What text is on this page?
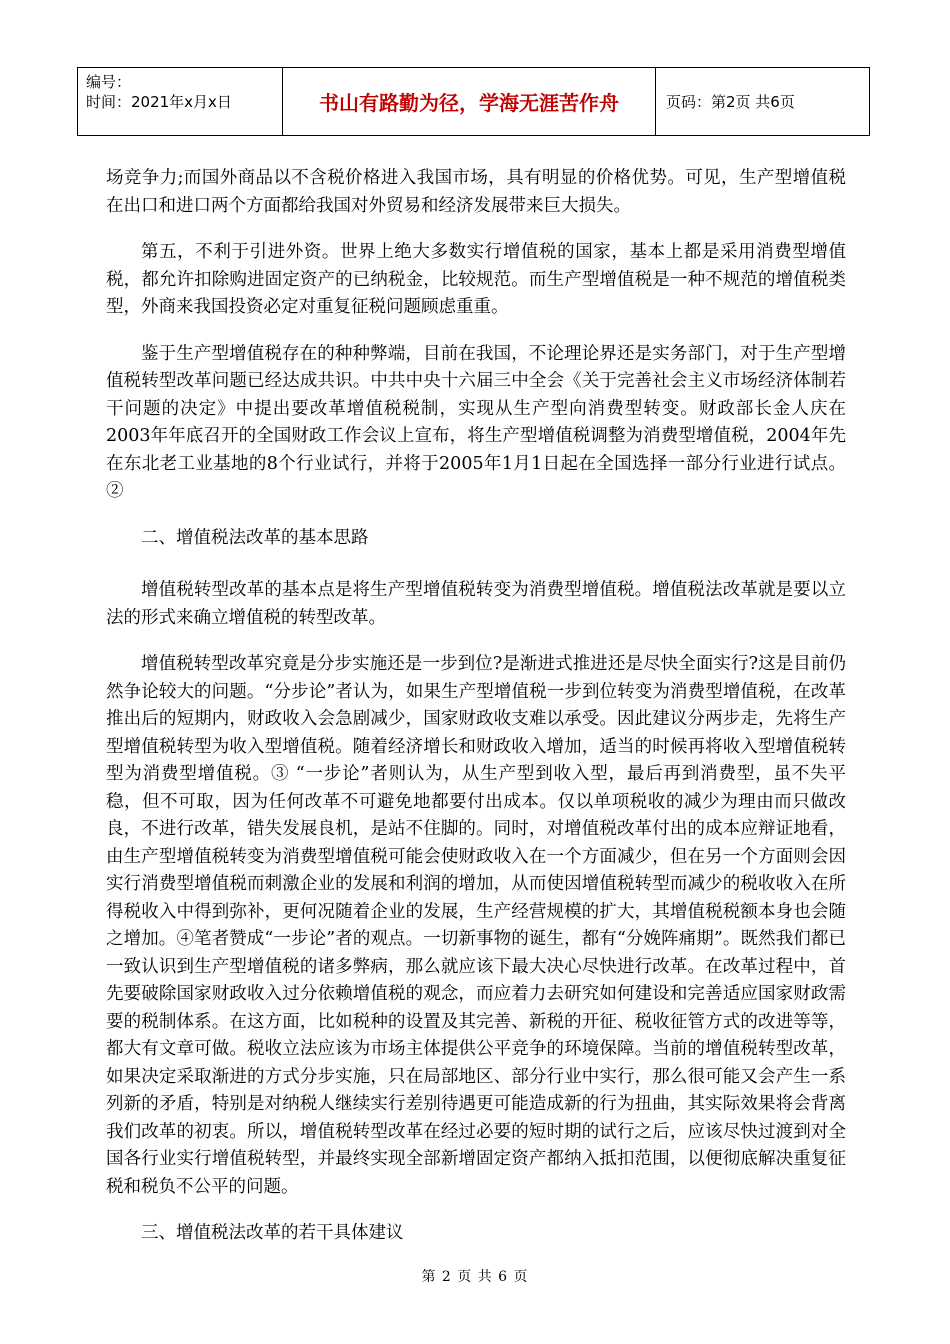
编号：
时间：2021年x月x日	书山有路勤为径，学海无涯苦作舟	页码：第2页 共6页

场竞争力;而国外商品以不含税价格进入我国市场，具有明显的价格优势。可见，生产型增值税在出口和进口两个方面都给我国对外贸易和经济发展带来巨大损失。

第五，不利于引进外资。世界上绝大多数实行增值税的国家，基本上都是采用消费型增值税，都允许扣除购进固定资产的已纳税金，比较规范。而生产型增值税是一种不规范的增值税类型，外商来我国投资必定对重复征税问题顾虑重重。

鉴于生产型增值税存在的种种弊端，目前在我国，不论理论界还是实务部门，对于生产型增值税转型改革问题已经达成共识。中共中央十六届三中全会《关于完善社会主义市场经济体制若干问题的决定》中提出要改革增值税税制，实现从生产型向消费型转变。财政部长金人庆在2003年年底召开的全国财政工作会议上宣布，将生产型增值税调整为消费型增值税，2004年先在东北老工业基地的8个行业试行，并将于2005年1月1日起在全国选择一部分行业进行试点。②

二、增值税法改革的基本思路

增值税转型改革的基本点是将生产型增值税转变为消费型增值税。增值税法改革就是要以立法的形式来确立增值税的转型改革。

增值税转型改革究竟是分步实施还是一步到位?是渐进式推进还是尽快全面实行?这是目前仍然争论较大的问题。“分步论”者认为，如果生产型增值税一步到位转变为消费型增值税，在改革推出后的短期内，财政收入会急剧减少，国家财政收支难以承受。因此建议分两步走，先将生产型增值税转型为收入型增值税。随着经济增长和财政收入增加，适当的时候再将收入型增值税转型为消费型增值税。③ “一步论”者则认为，从生产型到收入型，最后再到消费型，虽不失平稳，但不可取，因为任何改革不可避免地都要付出成本。仅以单项税收的减少为理由而只做改良，不进行改革，错失发展良机，是站不住脚的。同时，对增值税改革付出的成本应辩证地看，由生产型增值税转变为消费型增值税可能会使财政收入在一个方面减少，但在另一个方面则会因实行消费型增值税而刺激企业的发展和利润的增加，从而使因增值税转型而减少的税收收入在所得税收入中得到弥补，更何况随着企业的发展，生产经营规模的扩大，其增值税税额本身也会随之增加。④笔者赞成“一步论”者的观点。一切新事物的诞生，都有“分娩阵痛期”。既然我们都已一致认识到生产型增值税的诸多弊病，那么就应该下最大决心尽快进行改革。在改革过程中，首先要破除国家财政收入过分依赖增值税的观念，而应着力去研究如何建设和完善适应国家财政需要的税制体系。在这方面，比如税种的设置及其完善、新税的开征、税收征管方式的改进等等，都大有文章可做。税收立法应该为市场主体提供公平竞争的环境保障。当前的增值税转型改革，如果决定采取渐进的方式分步实施，只在局部地区、部分行业中实行，那么很可能又会产生一系列新的矛盾，特别是对纳税人继续实行差别待遇更可能造成新的行为扭曲，其实际效果将会背离我们改革的初衷。所以，增值税转型改革在经过必要的短时期的试行之后，应该尽快过渡到对全国各行业实行增值税转型，并最终实现全部新增固定资产都纳入抵扣范围，以便彻底解决重复征税和税负不公平的问题。

三、增值税法改革的若干具体建议

第 2 页 共 6 页
